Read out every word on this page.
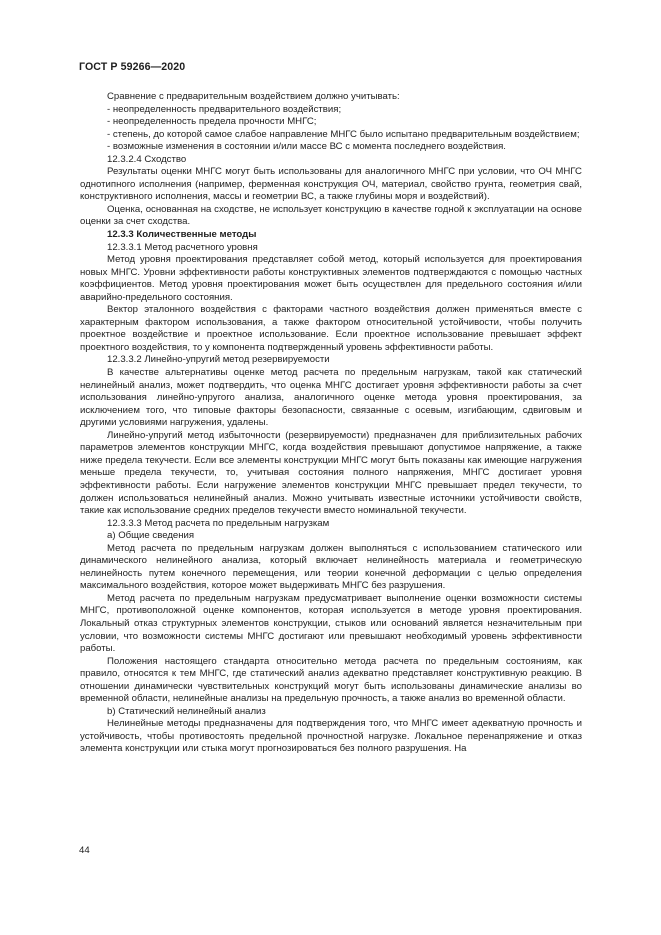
ГОСТ Р 59266—2020

Сравнение с предварительным воздействием должно учитывать:

- неопределенность предварительного воздействия;

- неопределенность предела прочности МНГС;

- степень, до которой самое слабое направление МНГС было испытано предварительным воздействием;

- возможные изменения в состоянии и/или массе ВС с момента последнего воздействия.

12.3.2.4 Сходство

Результаты оценки МНГС могут быть использованы для аналогичного МНГС при условии, что ОЧ МНГС однотипного исполнения (например, ферменная конструкция ОЧ, материал, свойство грунта, геометрия свай, конструктивного исполнения, массы и геометрии ВС, а также глубины моря и воздействий).

Оценка, основанная на сходстве, не использует конструкцию в качестве годной к эксплуатации на основе оценки за счет сходства.

12.3.3 Количественные методы

12.3.3.1 Метод расчетного уровня

Метод уровня проектирования представляет собой метод, который используется для проектирования новых МНГС. Уровни эффективности работы конструктивных элементов подтверждаются с помощью частных коэффициентов. Метод уровня проектирования может быть осуществлен для предельного состояния и/или аварийно-предельного состояния.

Вектор эталонного воздействия с факторами частного воздействия должен применяться вместе с характерным фактором использования, а также фактором относительной устойчивости, чтобы получить проектное воздействие и проектное использование. Если проектное использование превышает эффект проектного воздействия, то у компонента подтвержденный уровень эффективности работы.

12.3.3.2 Линейно-упругий метод резервируемости

В качестве альтернативы оценке метод расчета по предельным нагрузкам, такой как статический нелинейный анализ, может подтвердить, что оценка МНГС достигает уровня эффективности работы за счет использования линейно-упругого анализа, аналогичного оценке метода уровня проектирования, за исключением того, что типовые факторы безопасности, связанные с осевым, изгибающим, сдвиговым и другими условиями нагружения, удалены.

Линейно-упругий метод избыточности (резервируемости) предназначен для приблизительных рабочих параметров элементов конструкции МНГС, когда воздействия превышают допустимое напряжение, а также ниже предела текучести. Если все элементы конструкции МНГС могут быть показаны как имеющие нагружения меньше предела текучести, то, учитывая состояния полного напряжения, МНГС достигает уровня эффективности работы. Если нагружение элементов конструкции МНГС превышает предел текучести, то должен использоваться нелинейный анализ. Можно учитывать известные источники устойчивости свойств, такие как использование средних пределов текучести вместо номинальной текучести.

12.3.3.3 Метод расчета по предельным нагрузкам

a) Общие сведения

Метод расчета по предельным нагрузкам должен выполняться с использованием статического или динамического нелинейного анализа, который включает нелинейность материала и геометрическую нелинейность путем конечного перемещения, или теории конечной деформации с целью определения максимального воздействия, которое может выдерживать МНГС без разрушения.

Метод расчета по предельным нагрузкам предусматривает выполнение оценки возможности системы МНГС, противоположной оценке компонентов, которая используется в методе уровня проектирования. Локальный отказ структурных элементов конструкции, стыков или оснований является незначительным при условии, что возможности системы МНГС достигают или превышают необходимый уровень эффективности работы.

Положения настоящего стандарта относительно метода расчета по предельным состояниям, как правило, относятся к тем МНГС, где статический анализ адекватно представляет конструктивную реакцию. В отношении динамически чувствительных конструкций могут быть использованы динамические анализы во временной области, нелинейные анализы на предельную прочность, а также анализ во временной области.

b) Статический нелинейный анализ

Нелинейные методы предназначены для подтверждения того, что МНГС имеет адекватную прочность и устойчивость, чтобы противостоять предельной прочностной нагрузке. Локальное перенапряжение и отказ элемента конструкции или стыка могут прогнозироваться без полного разрушения. На

44
